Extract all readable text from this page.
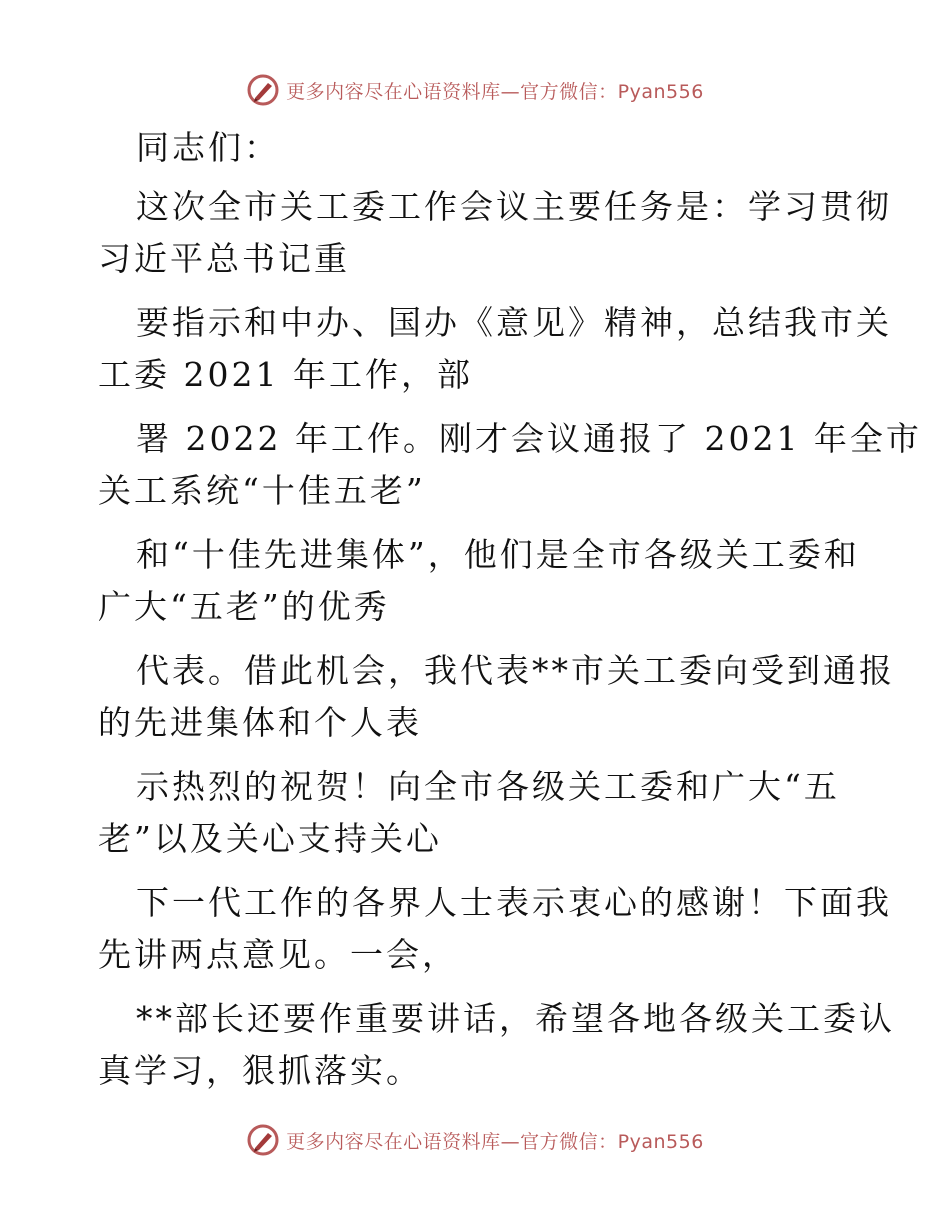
更多内容尽在心语资料库—官方微信：Pyan556
同志们：
这次全市关工委工作会议主要任务是：学习贯彻
习近平总书记重
要指示和中办、国办《意见》精神，总结我市关
工委 2021 年工作，部
署 2022 年工作。刚才会议通报了 2021 年全市
关工系统“十佳五老”
和“十佳先进集体”，他们是全市各级关工委和
广大“五老”的优秀
代表。借此机会，我代表**市关工委向受到通报
的先进集体和个人表
示热烈的祝贺！向全市各级关工委和广大“五
老”以及关心支持关心
下一代工作的各界人士表示衷心的感谢！下面我
先讲两点意见。一会，
**部长还要作重要讲话，希望各地各级关工委认
真学习，狠抓落实。
更多内容尽在心语资料库—官方微信：Pyan556
